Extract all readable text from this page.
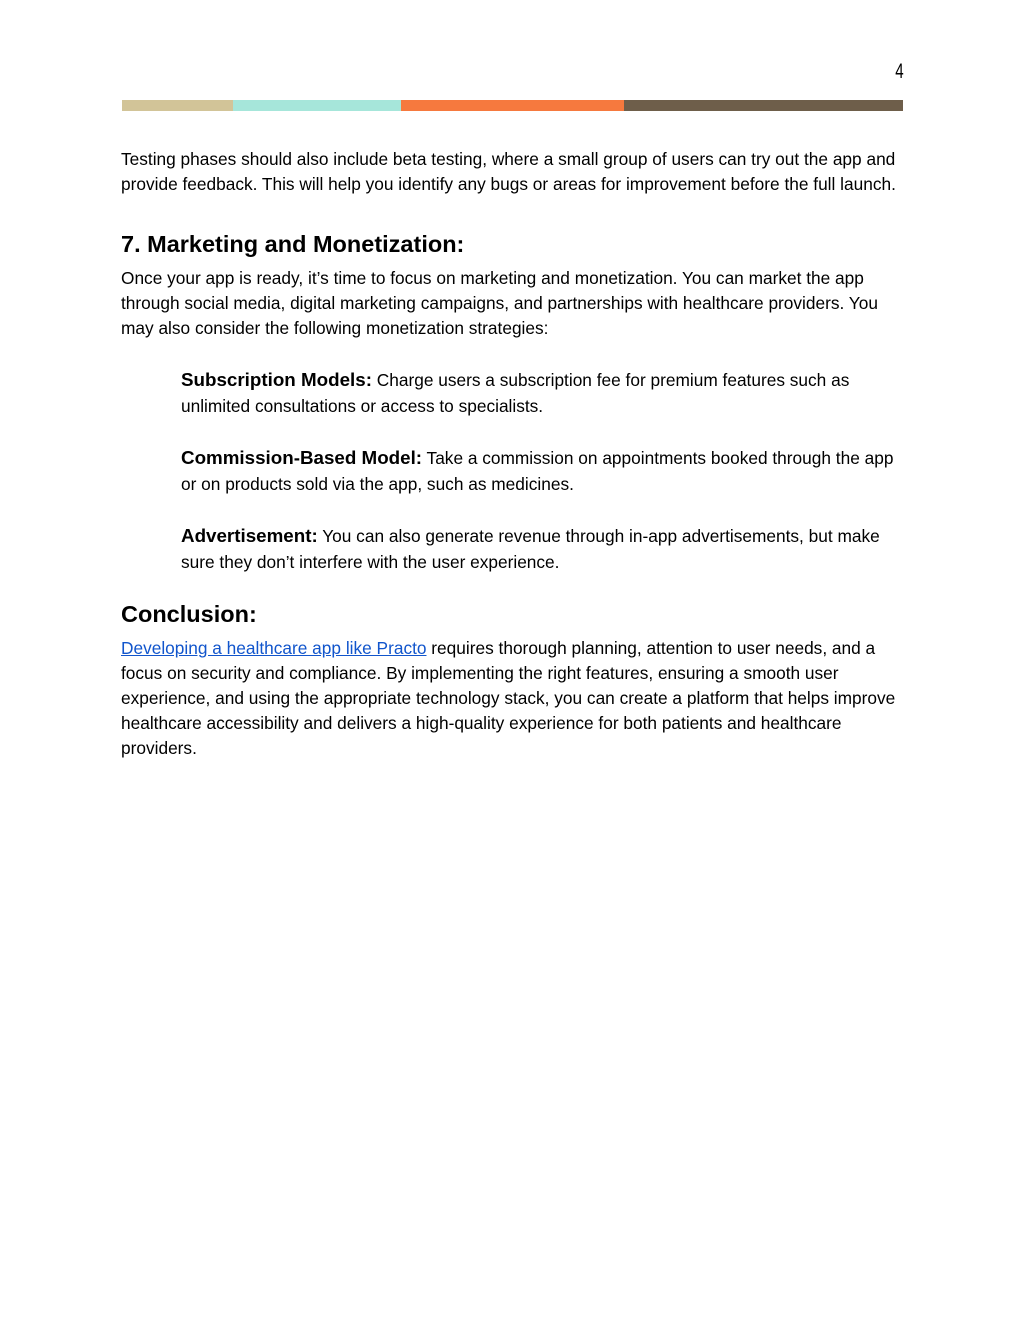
4

Testing phases should also include beta testing, where a small group of users can try out the app and provide feedback. This will help you identify any bugs or areas for improvement before the full launch.

7. Marketing and Monetization:

Once your app is ready, it’s time to focus on marketing and monetization. You can market the app through social media, digital marketing campaigns, and partnerships with healthcare providers. You may also consider the following monetization strategies:

Subscription Models: Charge users a subscription fee for premium features such as unlimited consultations or access to specialists.
Commission-Based Model: Take a commission on appointments booked through the app or on products sold via the app, such as medicines.
Advertisement: You can also generate revenue through in-app advertisements, but make sure they don’t interfere with the user experience.
Conclusion:

Developing a healthcare app like Practo requires thorough planning, attention to user needs, and a focus on security and compliance. By implementing the right features, ensuring a smooth user experience, and using the appropriate technology stack, you can create a platform that helps improve healthcare accessibility and delivers a high-quality experience for both patients and healthcare providers.
